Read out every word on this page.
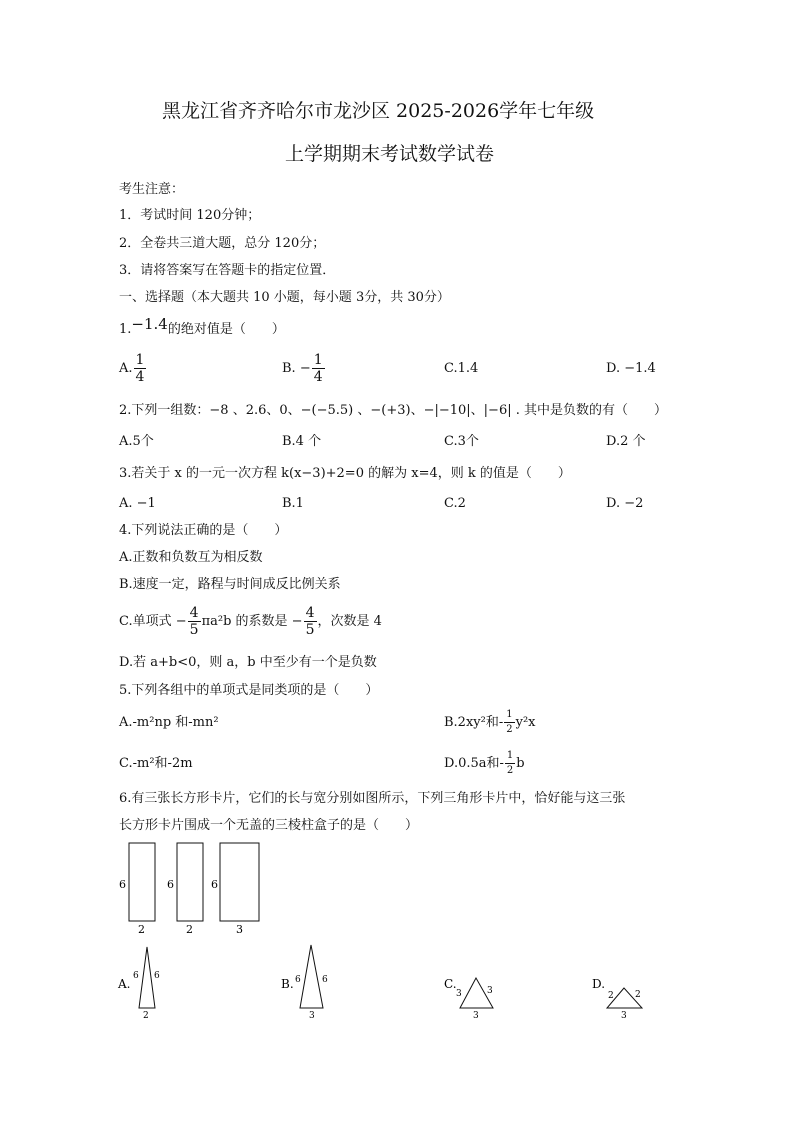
黑龙江省齐齐哈尔市龙沙区 2025-2026学年七年级
上学期期末考试数学试卷
考生注意：
1．考试时间 120分钟；
2．全卷共三道大题，总分 120分；
3．请将答案写在答题卡的指定位置．
一、选择题（本大题共 10 小题，每小题 3分，共 30分）
1.−1.4的绝对值是（　　）
A. $\frac{1}{4}$	B. − $\frac{1}{4}$	C.1.4	D. −1.4
2.下列一组数：−8 、2.6、0、−(−5.5) 、−(+3)、−|−10|、|−6| . 其中是负数的有（　　）
A.5个	B.4 个	C.3个	D.2 个
3.若关于 x 的一元一次方程 k(x−3)+2=0 的解为 x=4，则 k 的值是（　　）
A. −1	B.1	C.2	D. −2
4.下列说法正确的是（　　）
A.正数和负数互为相反数
B.速度一定，路程与时间成反比例关系
C.单项式 − $\frac{4}{5} \pi a^2b$ 的系数是 − $\frac{4}{5}$ ，次数是 4
D.若 a+b<0，则 a，b 中至少有一个是负数
5.下列各组中的单项式是同类项的是（　　）
A.-m²np 和-mn²	B.2xy²和- $\frac{1}{2} y^2x$
C.-m²和-2m	D.0.5a和- $\frac{1}{2}$ b
6.有三张长方形卡片，它们的长与宽分别如图所示，下列三角形卡片中，恰好能与这三张
长方形卡片围成一个无盖的三棱柱盒子的是（　　）
6	6	6
2	2	3
A.
6 6
2
B. 6 6
3
C.
3	3
3
D.
2 2
3
